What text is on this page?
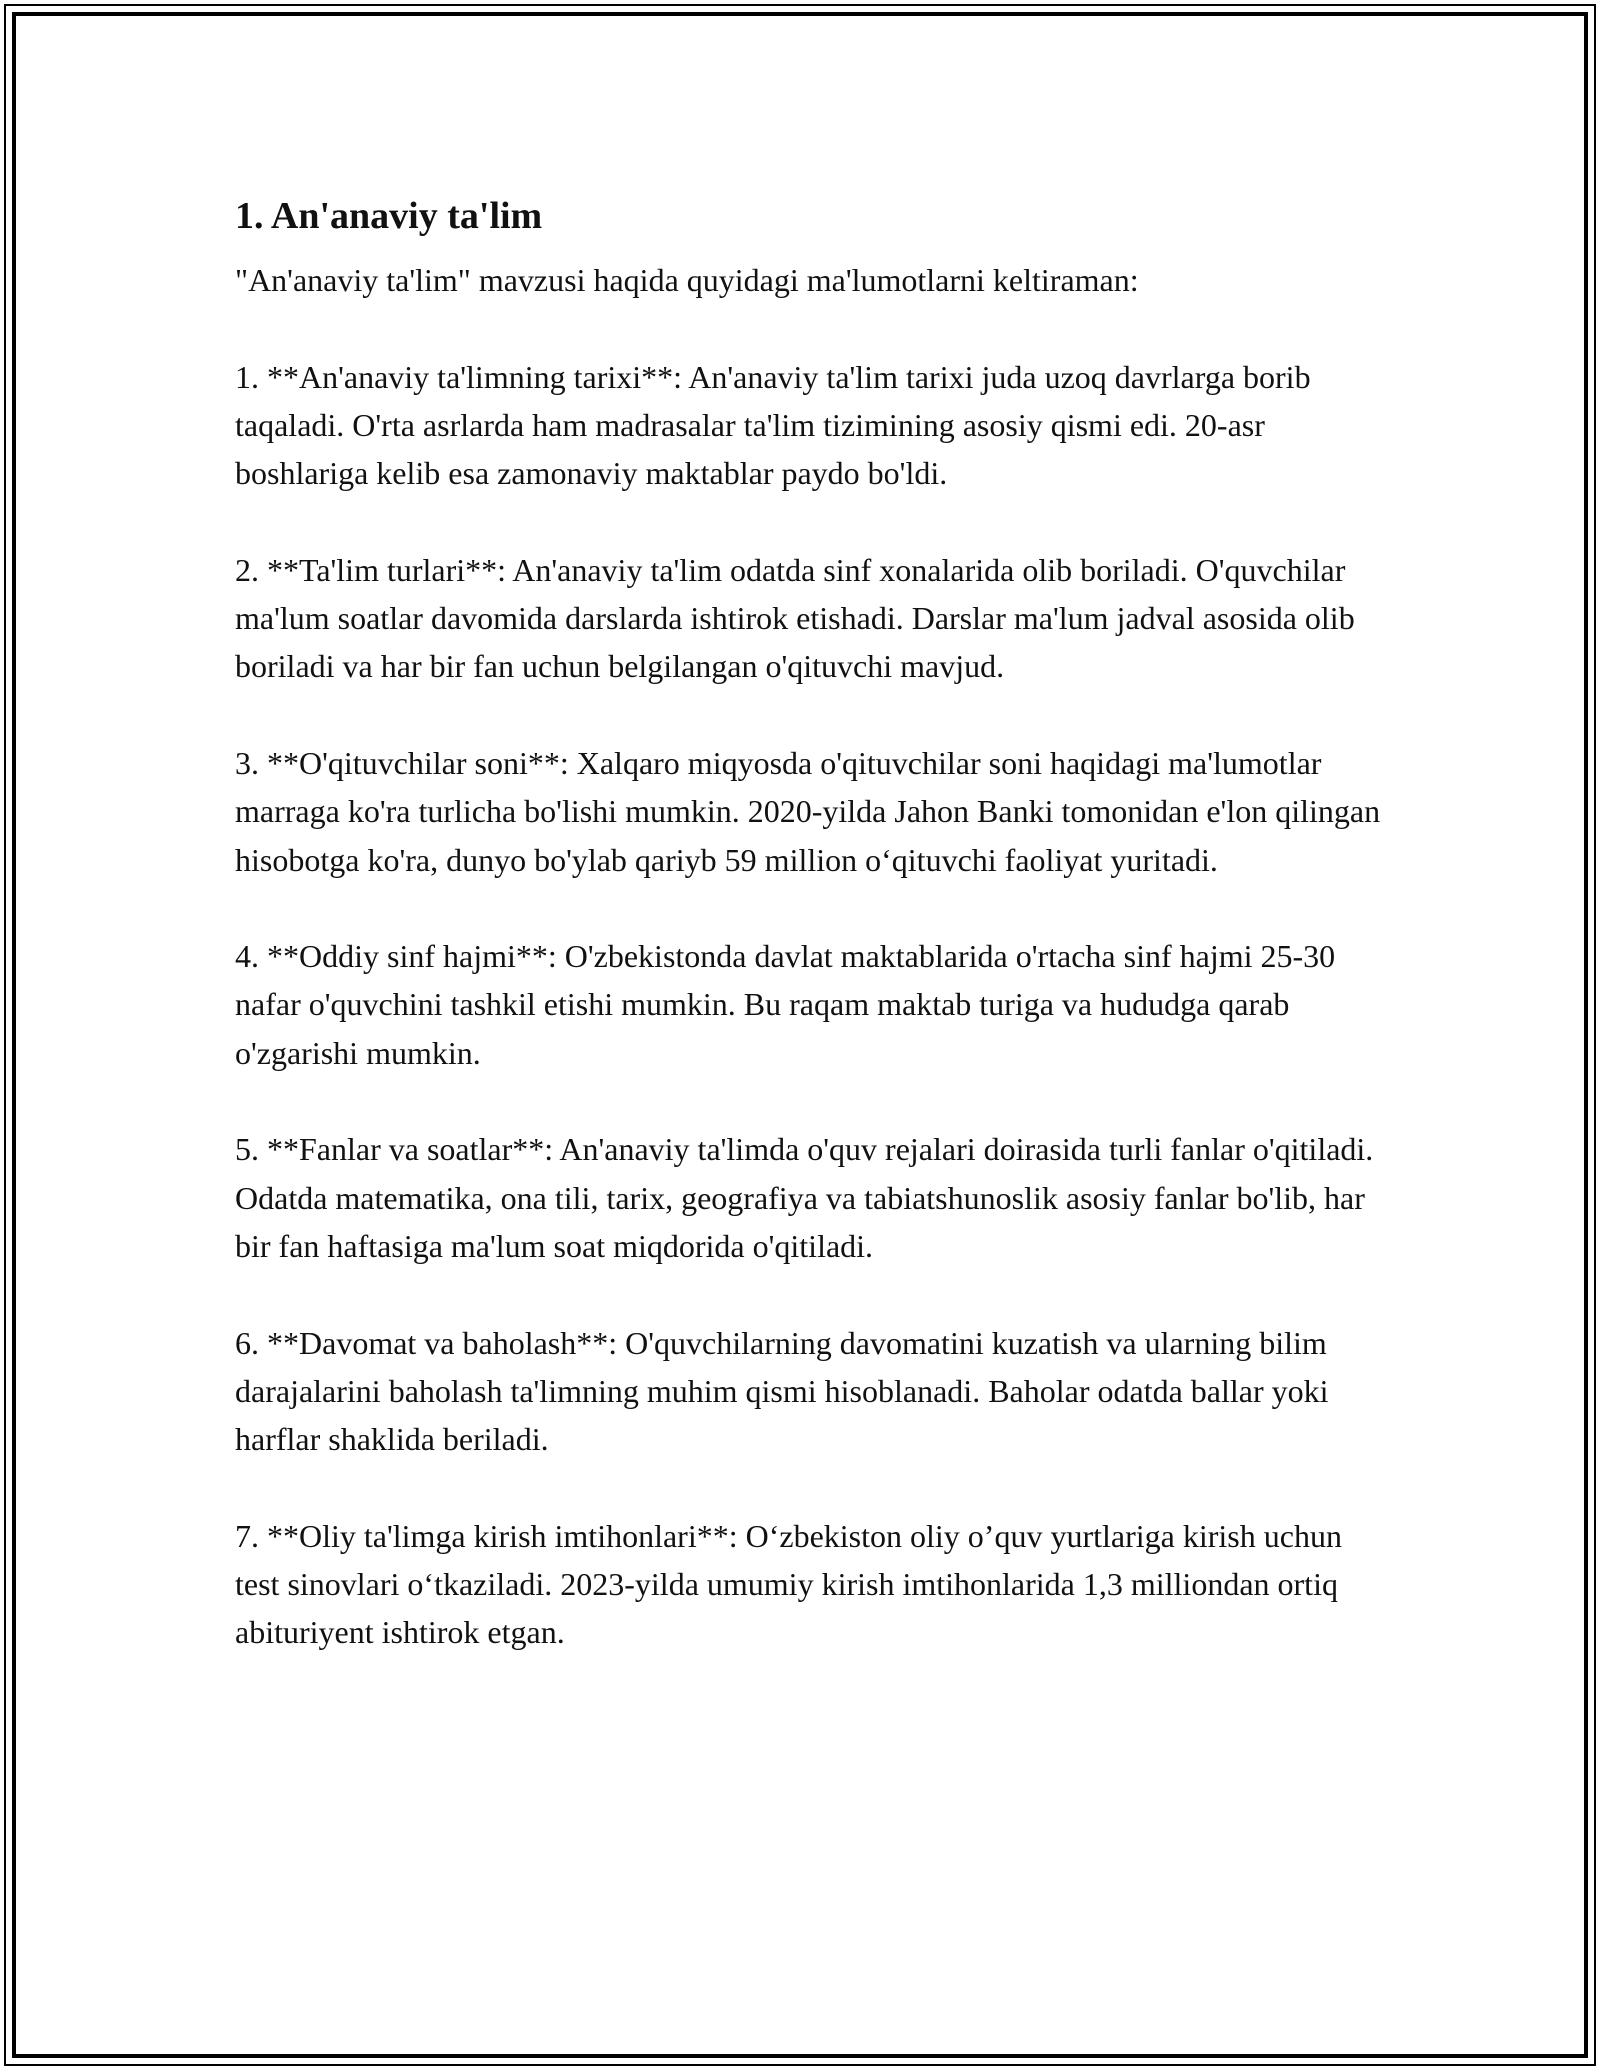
1. An'anaviy ta'lim

"An'anaviy ta'lim" mavzusi haqida quyidagi ma'lumotlarni keltiraman:

1. **An'anaviy ta'limning tarixi**: An'anaviy ta'lim tarixi juda uzoq davrlarga borib taqaladi. O'rta asrlarda ham madrasalar ta'lim tizimining asosiy qismi edi. 20-asr boshlariga kelib esa zamonaviy maktablar paydo bo'ldi.

2. **Ta'lim turlari**: An'anaviy ta'lim odatda sinf xonalarida olib boriladi. O'quvchilar ma'lum soatlar davomida darslarda ishtirok etishadi. Darslar ma'lum jadval asosida olib boriladi va har bir fan uchun belgilangan o'qituvchi mavjud.

3. **O'qituvchilar soni**: Xalqaro miqyosda o'qituvchilar soni haqidagi ma'lumotlar marraga ko'ra turlicha bo'lishi mumkin. 2020-yilda Jahon Banki tomonidan e'lon qilingan hisobotga ko'ra, dunyo bo'ylab qariyb 59 million o‘qituvchi faoliyat yuritadi.

4. **Oddiy sinf hajmi**: O'zbekistonda davlat maktablarida o'rtacha sinf hajmi 25-30 nafar o'quvchini tashkil etishi mumkin. Bu raqam maktab turiga va hududga qarab o'zgarishi mumkin.

5. **Fanlar va soatlar**: An'anaviy ta'limda o'quv rejalari doirasida turli fanlar o'qitiladi. Odatda matematika, ona tili, tarix, geografiya va tabiatshunoslik asosiy fanlar bo'lib, har bir fan haftasiga ma'lum soat miqdorida o'qitiladi.

6. **Davomat va baholash**: O'quvchilarning davomatini kuzatish va ularning bilim darajalarini baholash ta'limning muhim qismi hisoblanadi. Baholar odatda ballar yoki harflar shaklida beriladi.

7. **Oliy ta'limga kirish imtihonlari**: O‘zbekiston oliy o’quv yurtlariga kirish uchun test sinovlari o‘tkaziladi. 2023-yilda umumiy kirish imtihonlarida 1,3 milliondan ortiq abituriyent ishtirok etgan.
